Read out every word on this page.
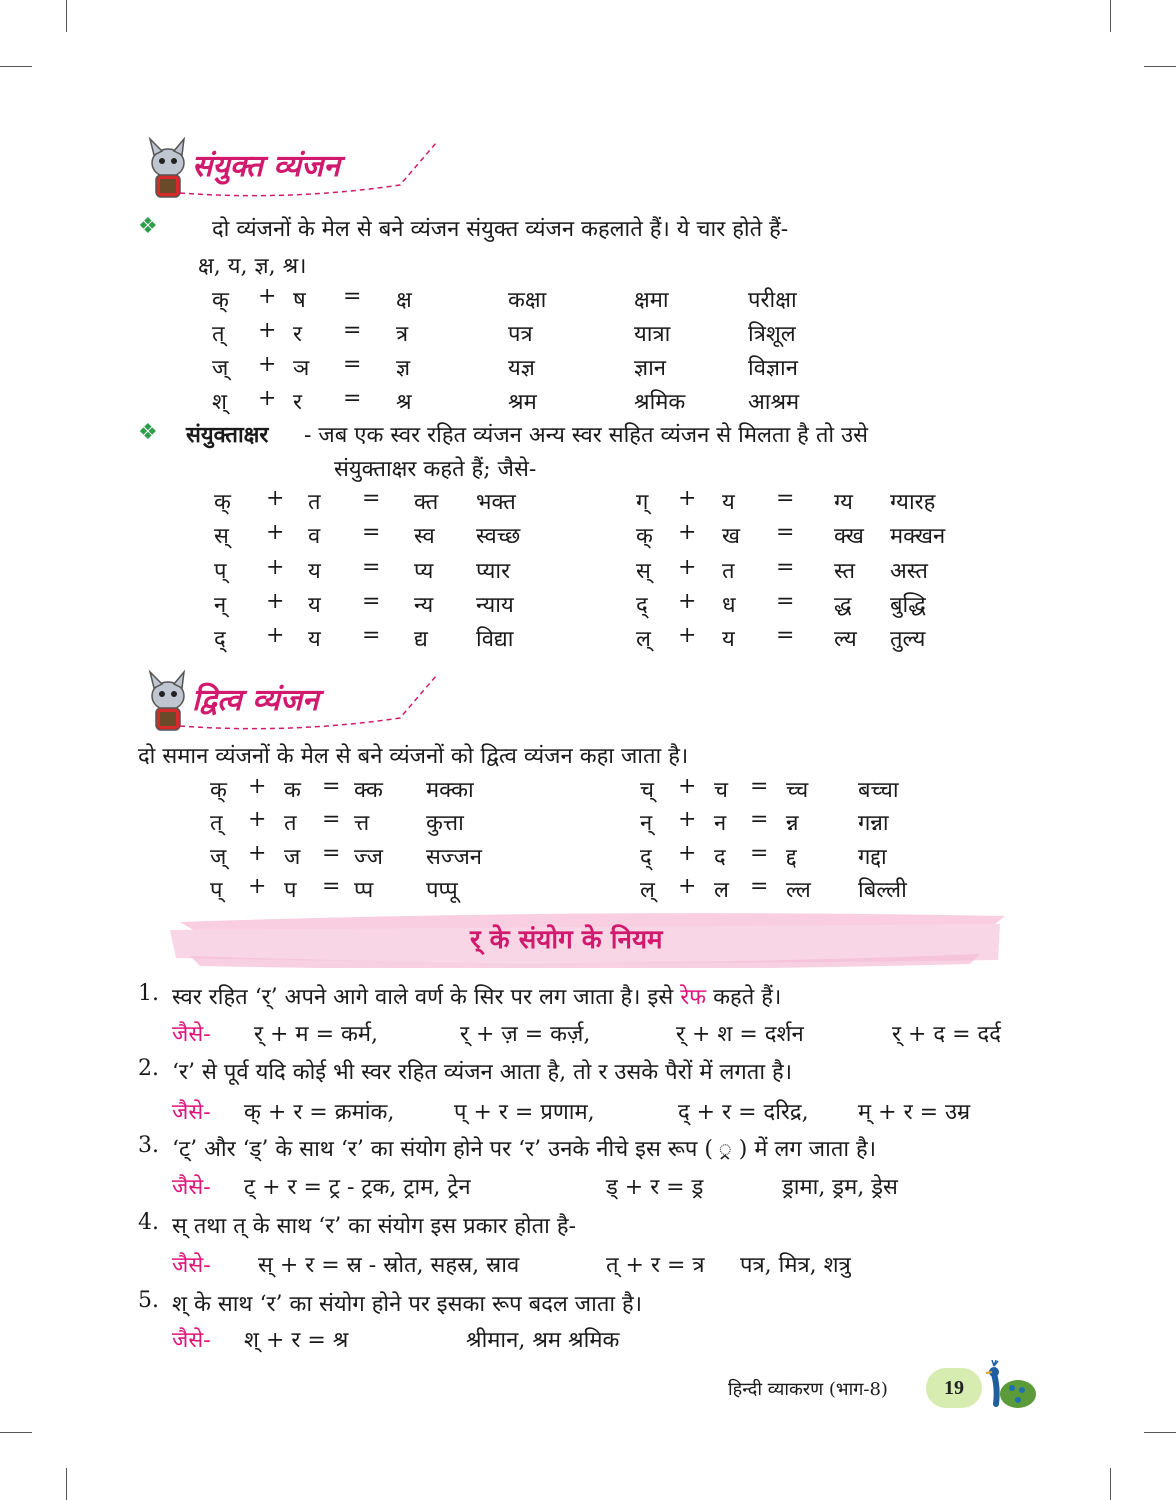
संयुक्त व्यंजन
❖ दो व्यंजनों के मेल से बने व्यंजन संयुक्त व्यंजन कहलाते हैं। ये चार होते हैं-
क्ष, य, ज्ञ, श्र।
क् + ष = क्ष	कक्षा	क्षमा	परीक्षा
त् + र = त्र	पत्र	यात्रा	त्रिशूल
ज् + ञ = ज्ञ	यज्ञ	ज्ञान	विज्ञान
श् + र = श्र	श्रम	श्रमिक	आश्रम
❖ संयुक्ताक्षर - जब एक स्वर रहित व्यंजन अन्य स्वर सहित व्यंजन से मिलता है तो उसे
संयुक्ताक्षर कहते हैं; जैसे-
क् + त = क्त भक्त	ग् + य = ग्य ग्यारह
स् + व = स्व स्वच्छ	क् + ख = क्ख मक्खन
प् + य = प्य प्यार	स् + त = स्त अस्त
न् + य = न्य न्याय	द् + ध = द्ध बुद्धि
द् + य = द्य विद्या	ल् + य = ल्य तुल्य
द्वित्व व्यंजन
दो समान व्यंजनों के मेल से बने व्यंजनों को द्वित्व व्यंजन कहा जाता है।
क् + क = क्क मक्का	च् + च = च्च बच्चा
त् + त = त्त	कुत्ता	न् + न = न्न	गन्ना
ज् + ज = ज्ज सज्जन	द् + द = द्द	गद्दा
प् + प = प्प पप्पू	ल् + ल = ल्ल बिल्ली
र् के संयोग के नियम
1. स्वर रहित ‘र्’ अपने आगे वाले वर्ण के सिर पर लग जाता है। इसे रेफ कहते हैं।
जैसे- र् + म = कर्म,	र् + ज़ = कर्ज़,	र् + श = दर्शन	र् + द = दर्द
2. ‘र’ से पूर्व यदि कोई भी स्वर रहित व्यंजन आता है, तो र उसके पैरों में लगता है।
जैसे- क् + र = क्रमांक,	प् + र = प्रणाम,	द् + र = दरिद्र, म् + र = उम्र
3. ‘ट्’ और ‘ड्’ के साथ ‘र’ का संयोग होने पर ‘र’ उनके नीचे इस रूप ( ्र ) में लग जाता है।
जैसे- ट् + र = ट्र - ट्रक, ट्राम, ट्रेन	ड् + र = ड्र	ड्रामा, ड्रम, ड्रेस
4. स् तथा त् के साथ ‘र’ का संयोग इस प्रकार होता है-
जैसे- स् + र = स्र - स्रोत, सहस्र, स्राव	त् + र = त्र पत्र, मित्र, शत्रु
5. श् के साथ ‘र’ का संयोग होने पर इसका रूप बदल जाता है।
जैसे- श् + र = श्र	श्रीमान, श्रम श्रमिक
हिन्दी व्याकरण (भाग-8)	19
